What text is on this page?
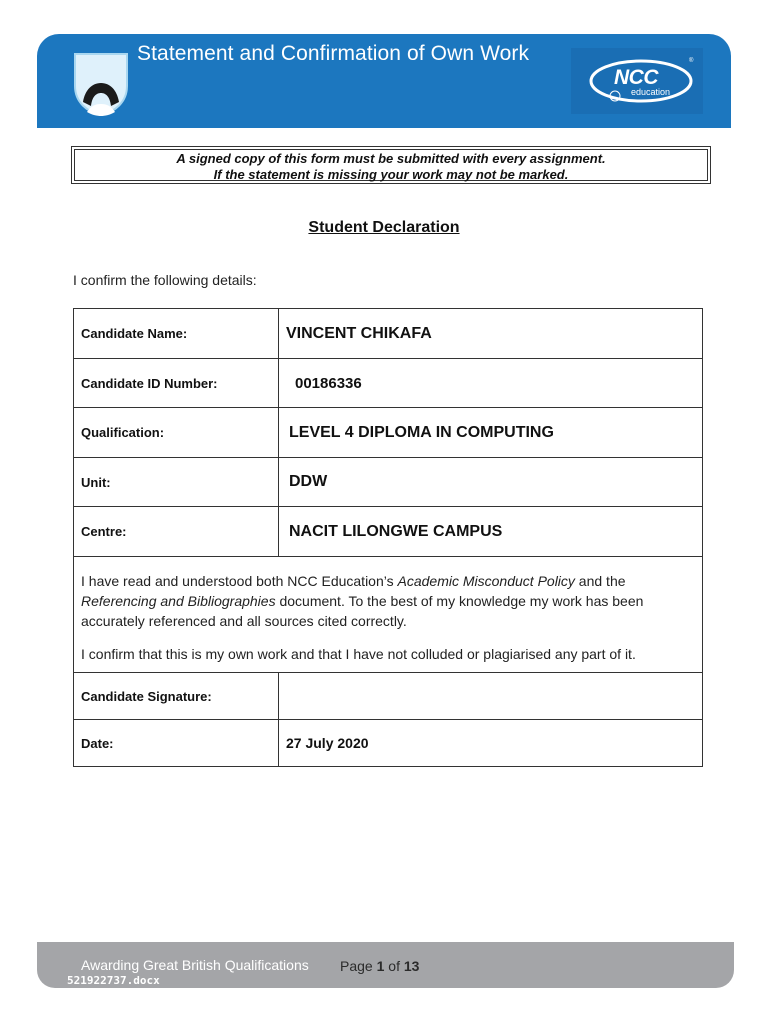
Statement and Confirmation of Own Work	®
NCC
education
A signed copy of this form must be submitted with every assignment.
If the statement is missing your work may not be marked.
Student Declaration
I confirm the following details:
Candidate Name:	VINCENT CHIKAFA
Candidate ID Number:	00186336
Qualification:	LEVEL 4 DIPLOMA IN COMPUTING
Unit:	DDW
Centre:	NACIT LILONGWE CAMPUS

I have read and understood both NCC Education’s Academic Misconduct Policy and the Referencing and Bibliographies document. To the best of my knowledge my work has been accurately referenced and all sources cited correctly.

I confirm that this is my own work and that I have not colluded or plagiarised any part of it.	

Candidate Signature:	
Date:	27 July 2020
Awarding Great British Qualifications Page 1 of 13
521922737.docx
